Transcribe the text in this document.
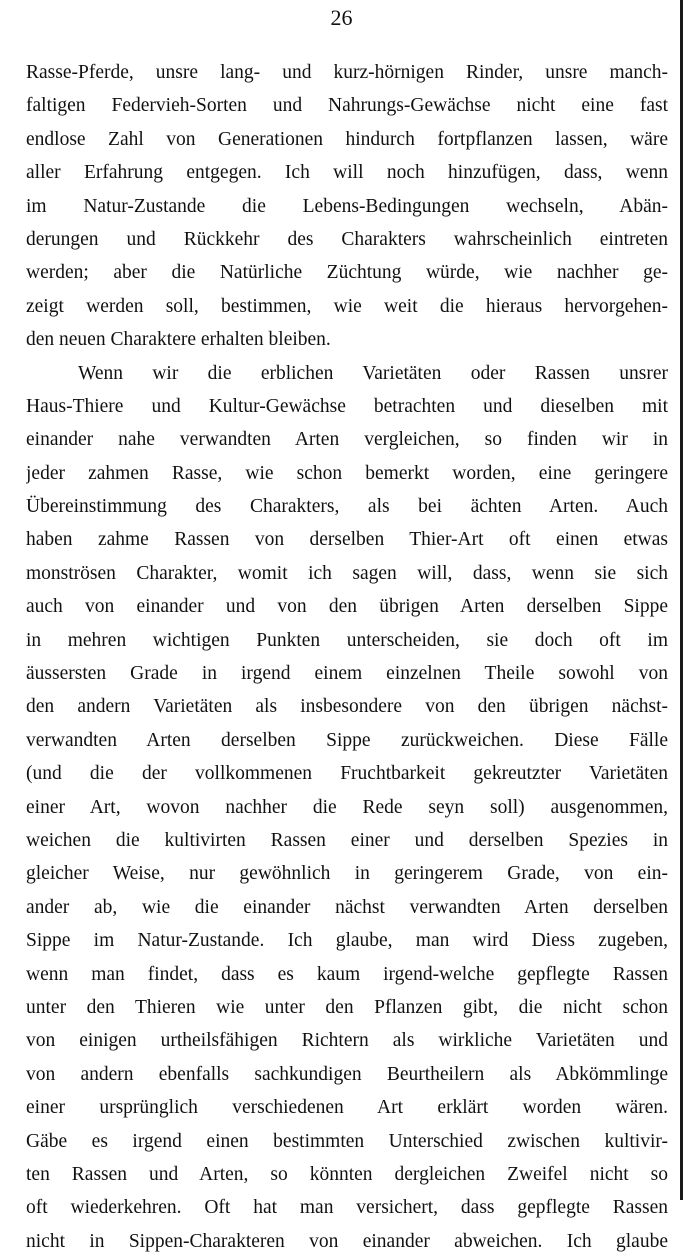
26
Rasse-Pferde, unsre lang- und kurz-hörnigen Rinder, unsre manch-
faltigen Federvieh-Sorten und Nahrungs-Gewächse nicht eine fast
endlose Zahl von Generationen hindurch fortpflanzen lassen, wäre
aller Erfahrung entgegen. Ich will noch hinzufügen, dass, wenn
im Natur-Zustande die Lebens-Bedingungen wechseln, Abän-
derungen und Rückkehr des Charakters wahrscheinlich eintreten
werden; aber die Natürliche Züchtung würde, wie nachher ge-
zeigt werden soll, bestimmen, wie weit die hieraus hervorgehen-
den neuen Charaktere erhalten bleiben.
Wenn wir die erblichen Varietäten oder Rassen unsrer
Haus-Thiere und Kultur-Gewächse betrachten und dieselben mit
einander nahe verwandten Arten vergleichen, so finden wir in
jeder zahmen Rasse, wie schon bemerkt worden, eine geringere
Übereinstimmung des Charakters, als bei ächten Arten. Auch
haben zahme Rassen von derselben Thier-Art oft einen etwas
monströsen Charakter, womit ich sagen will, dass, wenn sie sich
auch von einander und von den übrigen Arten derselben Sippe
in mehren wichtigen Punkten unterscheiden, sie doch oft im
äussersten Grade in irgend einem einzelnen Theile sowohl von
den andern Varietäten als insbesondere von den übrigen nächst-
verwandten Arten derselben Sippe zurückweichen. Diese Fälle
(und die der vollkommenen Fruchtbarkeit gekreutzter Varietäten
einer Art, wovon nachher die Rede seyn soll) ausgenommen,
weichen die kultivirten Rassen einer und derselben Spezies in
gleicher Weise, nur gewöhnlich in geringerem Grade, von ein-
ander ab, wie die einander nächst verwandten Arten derselben
Sippe im Natur-Zustande. Ich glaube, man wird Diess zugeben,
wenn man findet, dass es kaum irgend-welche gepflegte Rassen
unter den Thieren wie unter den Pflanzen gibt, die nicht schon
von einigen urtheilsfähigen Richtern als wirkliche Varietäten und
von andern ebenfalls sachkundigen Beurtheilern als Abkömmlinge
einer ursprünglich verschiedenen Art erklärt worden wären.
Gäbe es irgend einen bestimmten Unterschied zwischen kultivir-
ten Rassen und Arten, so könnten dergleichen Zweifel nicht so
oft wiederkehren. Oft hat man versichert, dass gepflegte Rassen
nicht in Sippen-Charakteren von einander abweichen. Ich glaube
